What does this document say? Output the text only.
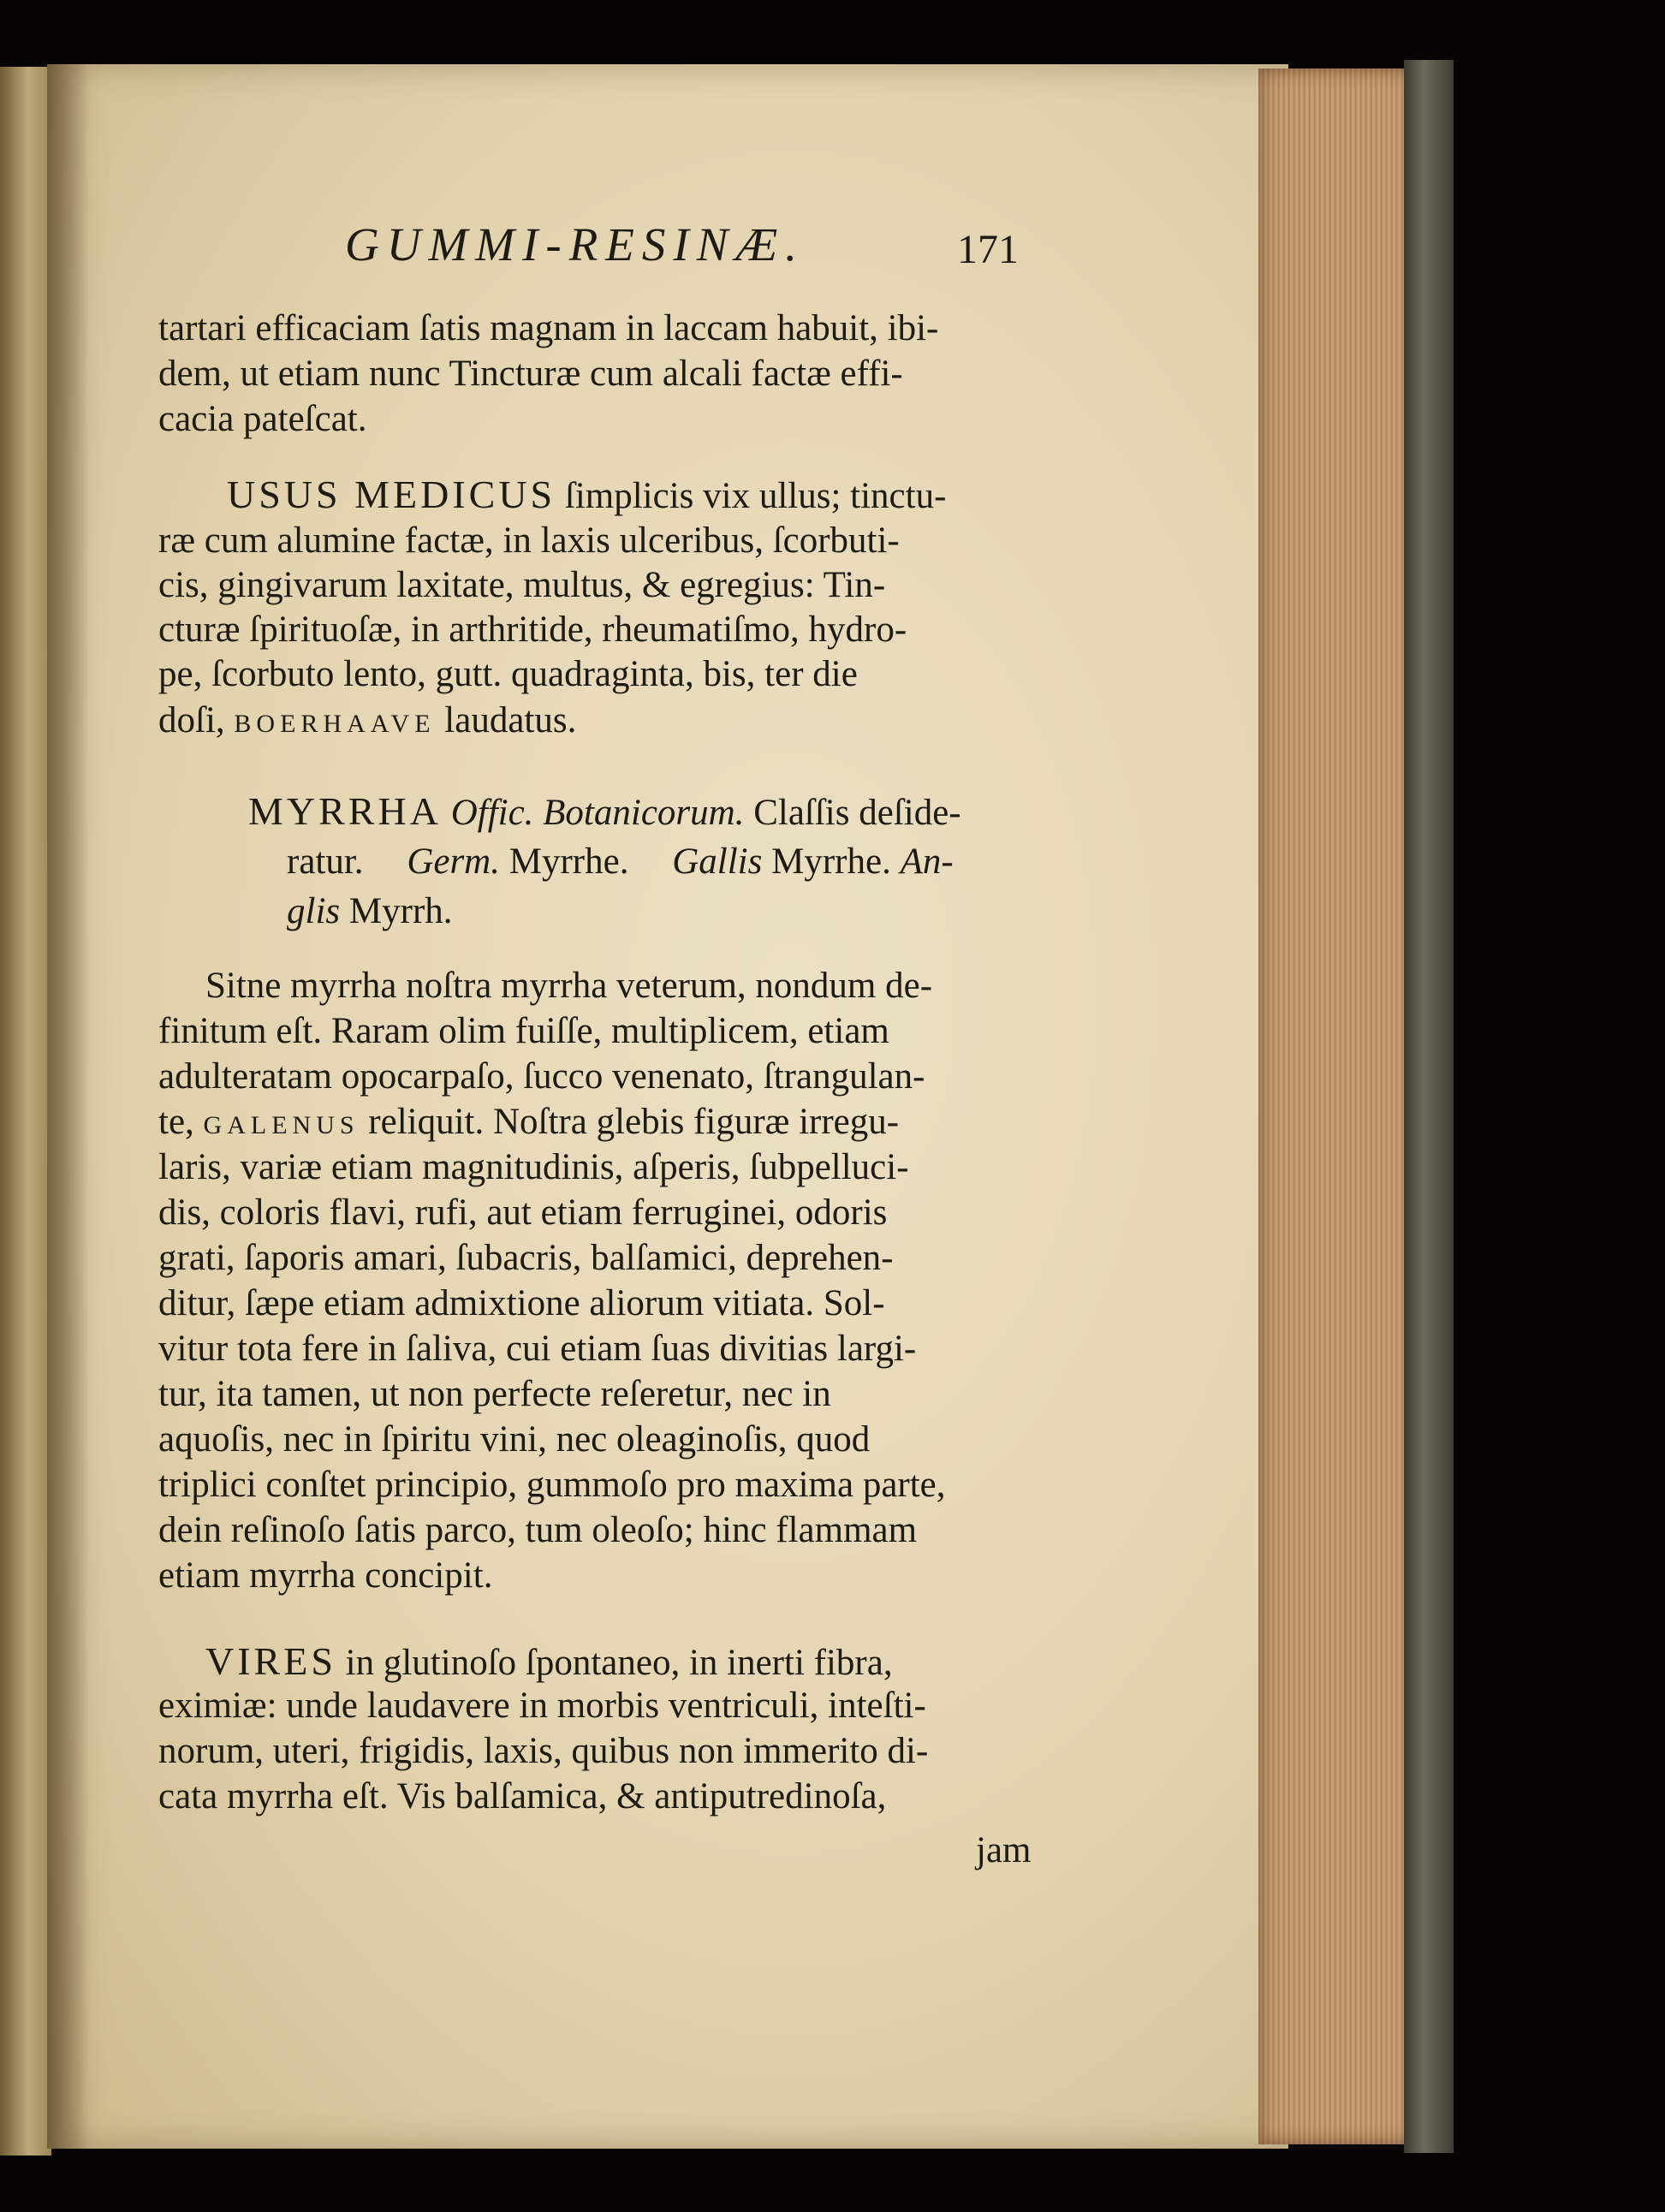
GUMMI-RESINÆ.	171
tartari efficaciam ſatis magnam in laccam habuit, ibi-
dem, ut etiam nunc Tincturæ cum alcali factæ effi-
cacia pateſcat.
USUS MEDICUS ſimplicis vix ullus; tinctu-
ræ cum alumine factæ, in laxis ulceribus, ſcorbuti-
cis, gingivarum laxitate, multus, & egregius: Tin-
cturæ ſpirituoſæ, in arthritide, rheumatiſmo, hydro-
pe, ſcorbuto lento, gutt. quadraginta, bis, ter die
doſi, BOERHAAVE laudatus.
MYRRHA Offic. Botanicorum. Claſſis deſide-
ratur. Germ. Myrrhe. Gallis Myrrhe. An-
glis Myrrh.
Sitne myrrha noſtra myrrha veterum, nondum de-
finitum eſt. Raram olim fuiſſe, multiplicem, etiam
adulteratam opocarpaſo, ſucco venenato, ſtrangulan-
te, GALENUS reliquit. Noſtra glebis figuræ irregu-
laris, variæ etiam magnitudinis, aſperis, ſubpelluci-
dis, coloris flavi, rufi, aut etiam ferruginei, odoris
grati, ſaporis amari, ſubacris, balſamici, deprehen-
ditur, ſæpe etiam admixtione aliorum vitiata. Sol-
vitur tota fere in ſaliva, cui etiam ſuas divitias largi-
tur, ita tamen, ut non perfecte reſeretur, nec in
aquoſis, nec in ſpiritu vini, nec oleaginoſis, quod
triplici conſtet principio, gummoſo pro maxima parte,
dein reſinoſo ſatis parco, tum oleoſo; hinc flammam
etiam myrrha concipit.
VIRES in glutinoſo ſpontaneo, in inerti fibra,
eximiæ: unde laudavere in morbis ventriculi, inteſti-
norum, uteri, frigidis, laxis, quibus non immerito di-
cata myrrha eſt. Vis balſamica, & antiputredinoſa,
jam
